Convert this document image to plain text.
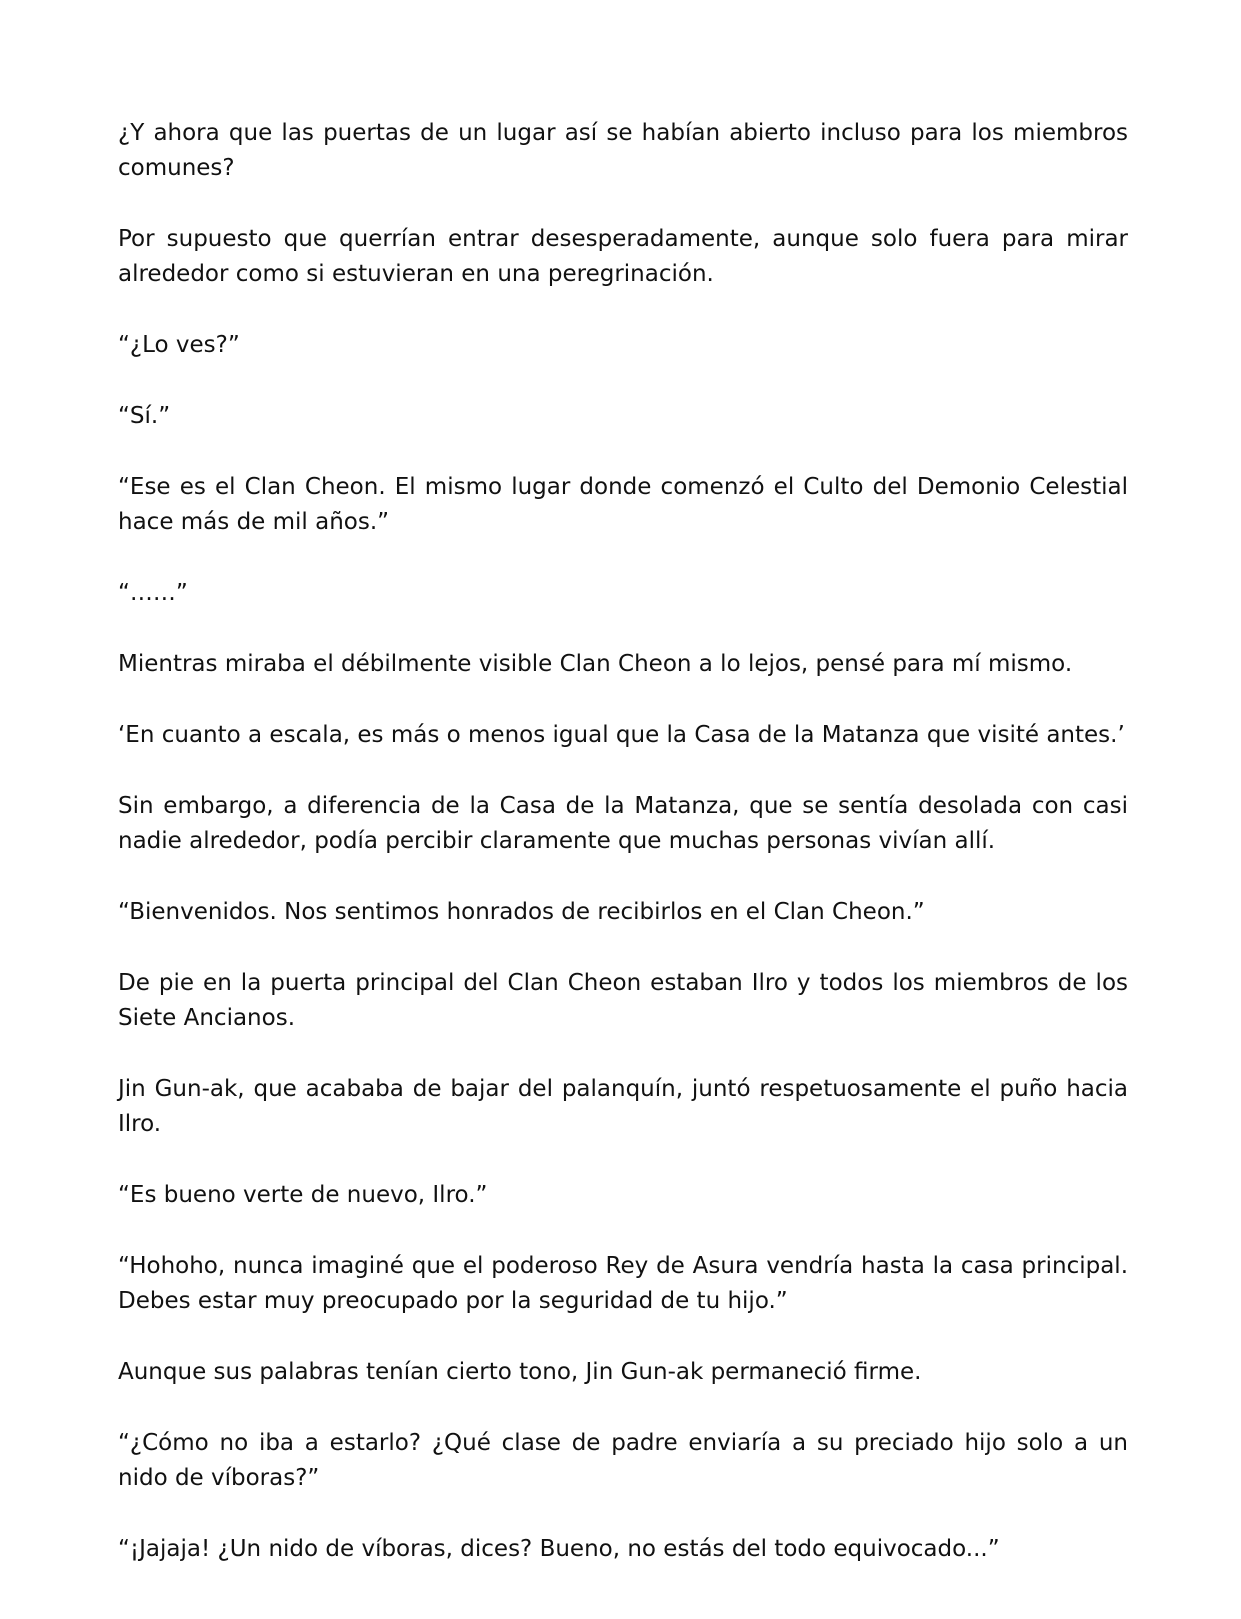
¿Y ahora que las puertas de un lugar así se habían abierto incluso para los miembros comunes?

Por supuesto que querrían entrar desesperadamente, aunque solo fuera para mirar alrededor como si estuvieran en una peregrinación.

“¿Lo ves?”

“Sí.”

“Ese es el Clan Cheon. El mismo lugar donde comenzó el Culto del Demonio Celestial hace más de mil años.”

“……”

Mientras miraba el débilmente visible Clan Cheon a lo lejos, pensé para mí mismo.

‘En cuanto a escala, es más o menos igual que la Casa de la Matanza que visité antes.’

Sin embargo, a diferencia de la Casa de la Matanza, que se sentía desolada con casi nadie alrededor, podía percibir claramente que muchas personas vivían allí.

“Bienvenidos. Nos sentimos honrados de recibirlos en el Clan Cheon.”

De pie en la puerta principal del Clan Cheon estaban Ilro y todos los miembros de los Siete Ancianos.

Jin Gun-ak, que acababa de bajar del palanquín, juntó respetuosamente el puño hacia Ilro.

“Es bueno verte de nuevo, Ilro.”

“Hohoho, nunca imaginé que el poderoso Rey de Asura vendría hasta la casa principal. Debes estar muy preocupado por la seguridad de tu hijo.”

Aunque sus palabras tenían cierto tono, Jin Gun-ak permaneció firme.

“¿Cómo no iba a estarlo? ¿Qué clase de padre enviaría a su preciado hijo solo a un nido de víboras?”

“¡Jajaja! ¿Un nido de víboras, dices? Bueno, no estás del todo equivocado...”
